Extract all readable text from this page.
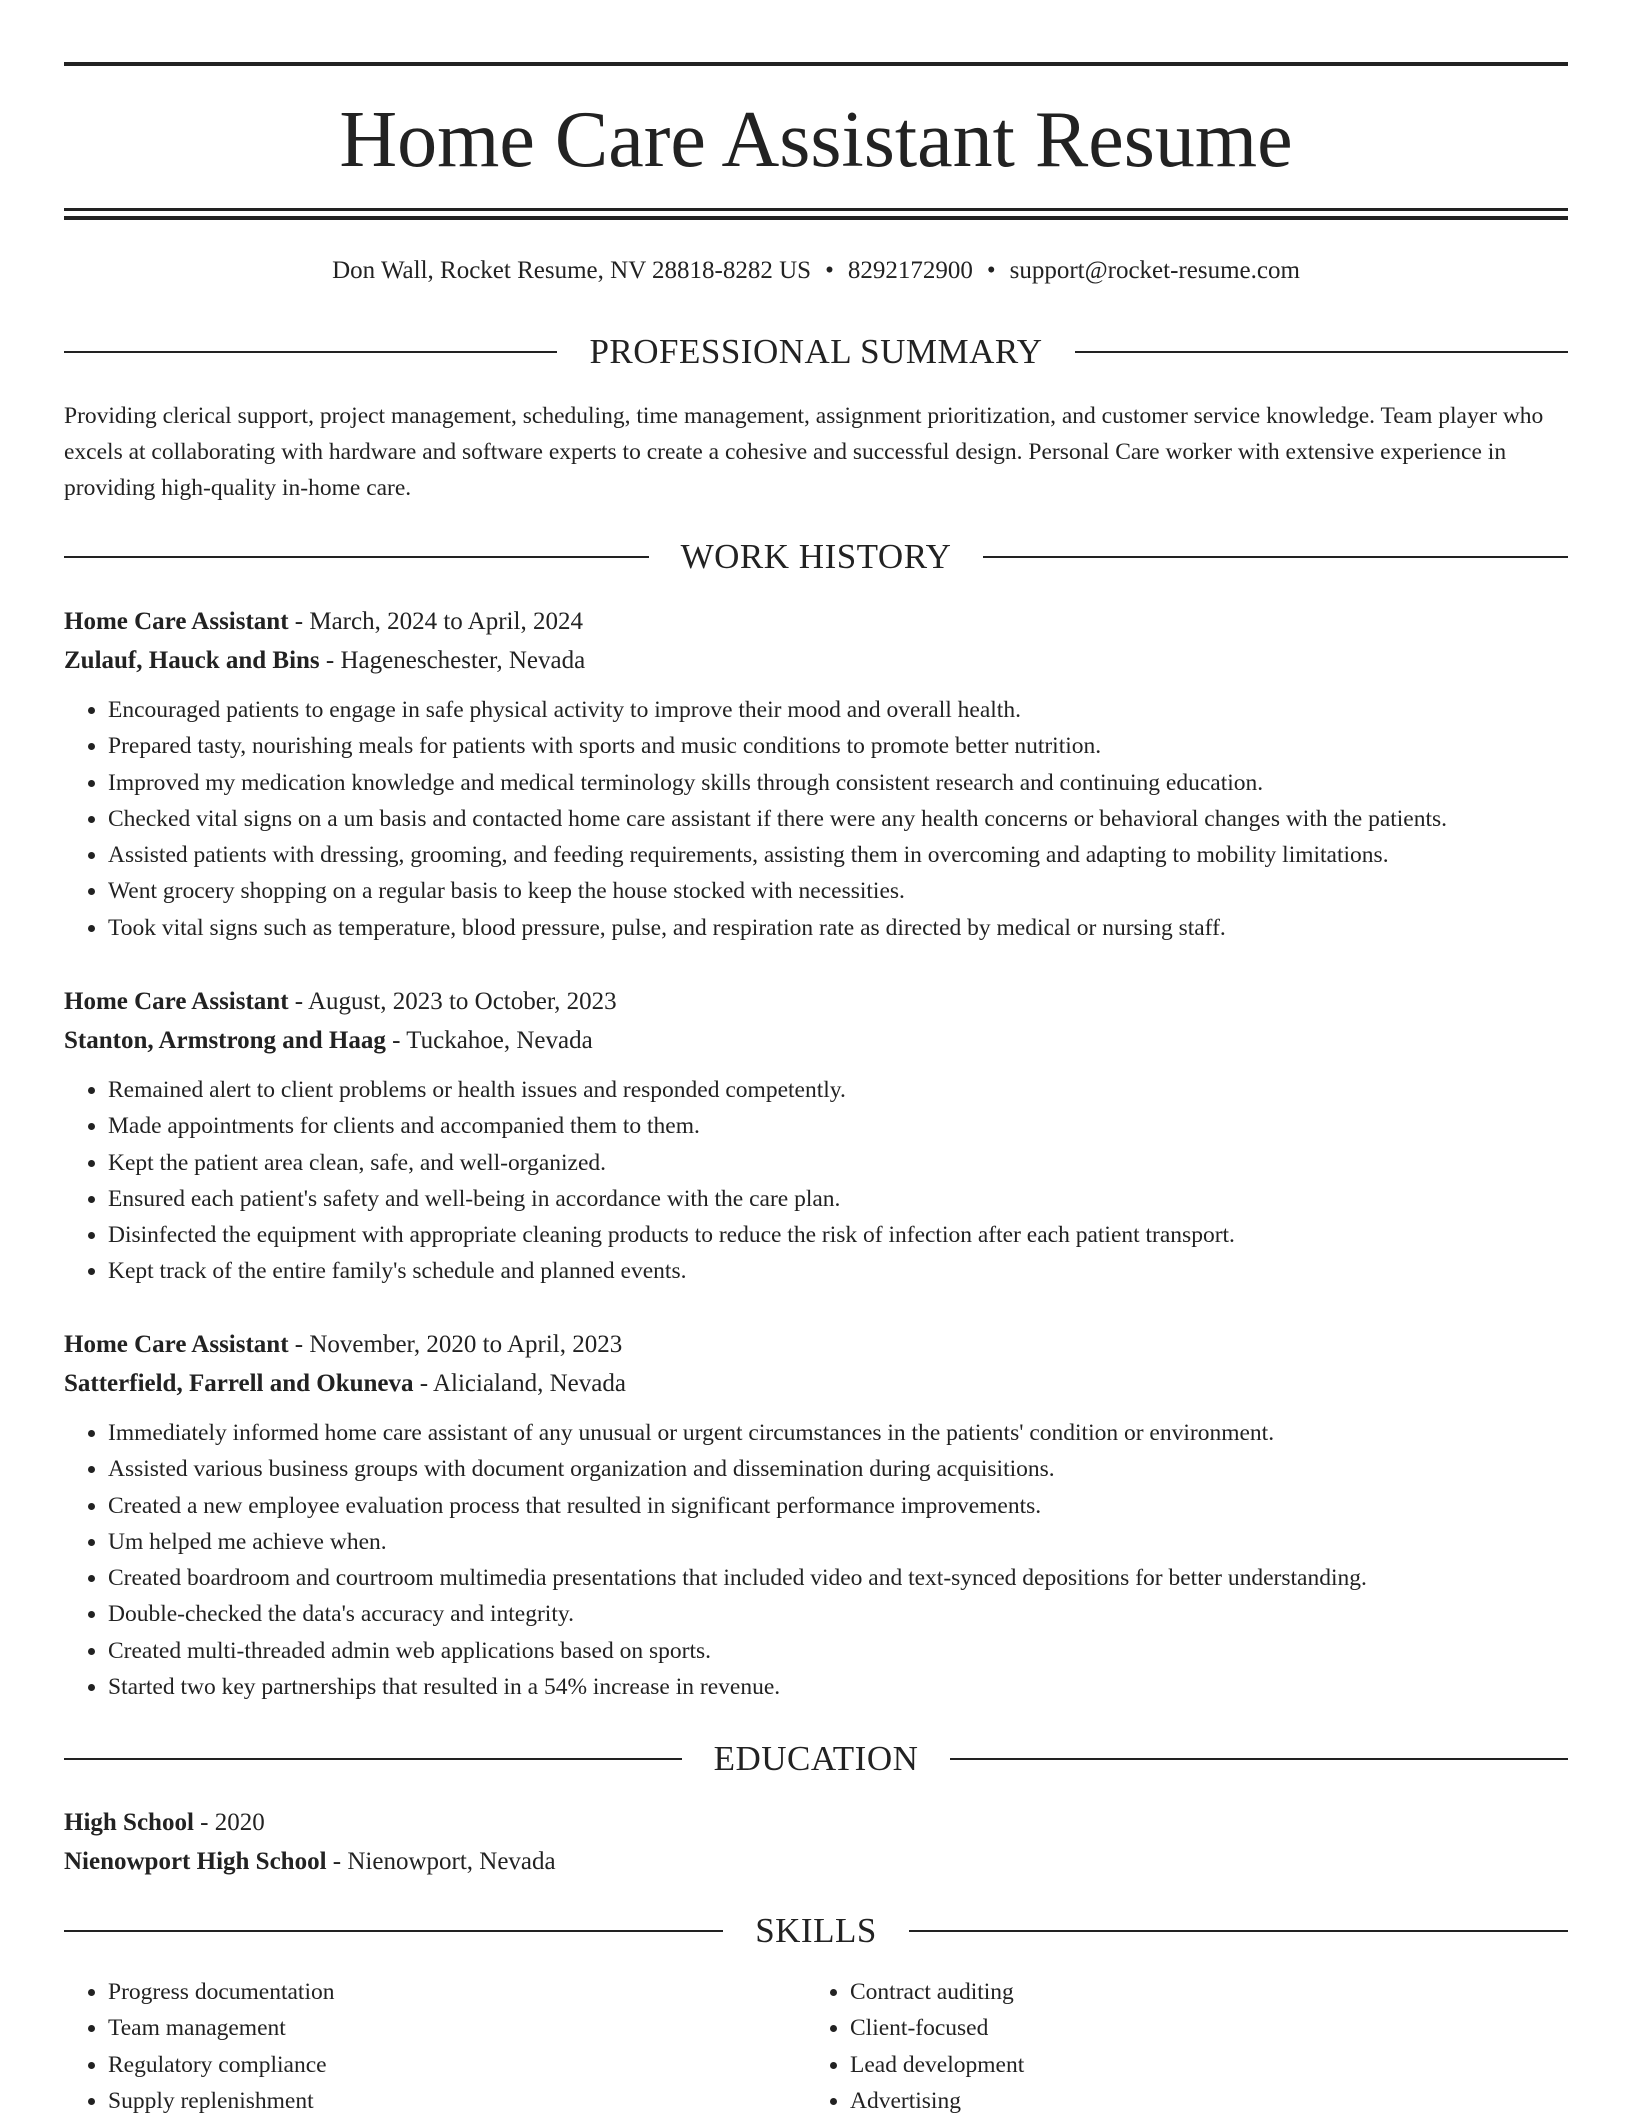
Home Care Assistant Resume
Don Wall, Rocket Resume, NV 28818-8282 US • 8292172900 • support@rocket-resume.com
PROFESSIONAL SUMMARY

Providing clerical support, project management, scheduling, time management, assignment prioritization, and customer service knowledge. Team player who excels at collaborating with hardware and software experts to create a cohesive and successful design. Personal Care worker with extensive experience in providing high-quality in-home care.

WORK HISTORY

Home Care Assistant - March, 2024 to April, 2024

Zulauf, Hauck and Bins - Hageneschester, Nevada

• Encouraged patients to engage in safe physical activity to improve their mood and overall health.
• Prepared tasty, nourishing meals for patients with sports and music conditions to promote better nutrition.
• Improved my medication knowledge and medical terminology skills through consistent research and continuing education.
• Checked vital signs on a um basis and contacted home care assistant if there were any health concerns or behavioral changes with the patients.
• Assisted patients with dressing, grooming, and feeding requirements, assisting them in overcoming and adapting to mobility limitations.
• Went grocery shopping on a regular basis to keep the house stocked with necessities.
• Took vital signs such as temperature, blood pressure, pulse, and respiration rate as directed by medical or nursing staff.

Home Care Assistant - August, 2023 to October, 2023

Stanton, Armstrong and Haag - Tuckahoe, Nevada

• Remained alert to client problems or health issues and responded competently.
• Made appointments for clients and accompanied them to them.
• Kept the patient area clean, safe, and well-organized.
• Ensured each patient's safety and well-being in accordance with the care plan.
• Disinfected the equipment with appropriate cleaning products to reduce the risk of infection after each patient transport.
• Kept track of the entire family's schedule and planned events.

Home Care Assistant - November, 2020 to April, 2023

Satterfield, Farrell and Okuneva - Alicialand, Nevada

• Immediately informed home care assistant of any unusual or urgent circumstances in the patients' condition or environment.
• Assisted various business groups with document organization and dissemination during acquisitions.
• Created a new employee evaluation process that resulted in significant performance improvements.
• Um helped me achieve when.
• Created boardroom and courtroom multimedia presentations that included video and text-synced depositions for better understanding.
• Double-checked the data's accuracy and integrity.
• Created multi-threaded admin web applications based on sports.
• Started two key partnerships that resulted in a 54% increase in revenue.
EDUCATION

High School - 2020

Nienowport High School - Nienowport, Nevada

SKILLS
• Progress documentation
• Team management
• Regulatory compliance
• Supply replenishment
• Contract auditing
• Client-focused
• Lead development
• Advertising
